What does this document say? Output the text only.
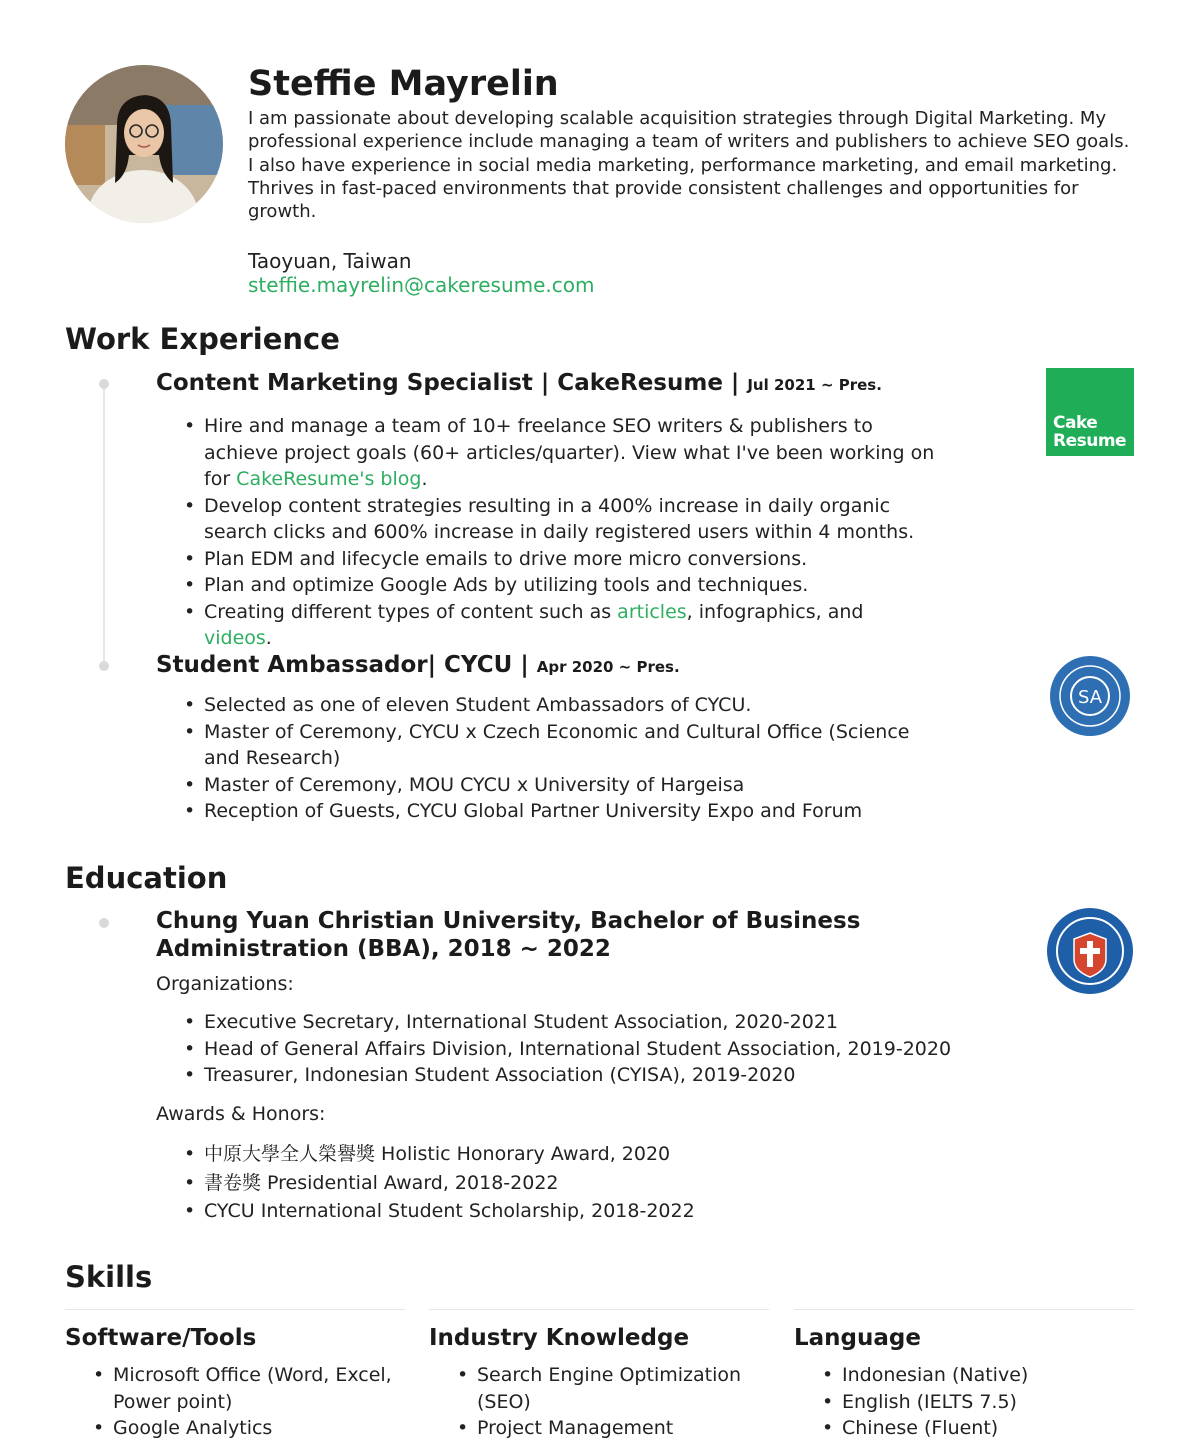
Steffie Mayrelin
I am passionate about developing scalable acquisition strategies through Digital Marketing. My professional experience include managing a team of writers and publishers to achieve SEO goals. I also have experience in social media marketing, performance marketing, and email marketing. Thrives in fast-paced environments that provide consistent challenges and opportunities for growth.
Taoyuan, Taiwan
steffie.mayrelin@cakeresume.com
Work Experience
Content Marketing Specialist | CakeResume | Jul 2021 ~ Pres.
Cake
Resume
• Hire and manage a team of 10+ freelance SEO writers & publishers to achieve project goals (60+ articles/quarter). View what I've been working on for CakeResume's blog.
• Develop content strategies resulting in a 400% increase in daily organic search clicks and 600% increase in daily registered users within 4 months.
• Plan EDM and lifecycle emails to drive more micro conversions.
• Plan and optimize Google Ads by utilizing tools and techniques.
• Creating different types of content such as articles, infographics, and videos.
Student Ambassador| CYCU | Apr 2020 ~ Pres.
SA
• Selected as one of eleven Student Ambassadors of CYCU.
• Master of Ceremony, CYCU x Czech Economic and Cultural Office (Science and Research)
• Master of Ceremony, MOU CYCU x University of Hargeisa
• Reception of Guests, CYCU Global Partner University Expo and Forum
Education
Chung Yuan Christian University, Bachelor of Business Administration (BBA), 2018 ~ 2022
Organizations:
• Executive Secretary, International Student Association, 2020-2021
• Head of General Affairs Division, International Student Association, 2019-2020
• Treasurer, Indonesian Student Association (CYISA), 2019-2020
Awards & Honors:
• 中原大學全人榮譽獎 Holistic Honorary Award, 2020
• 書卷獎 Presidential Award, 2018-2022
• CYCU International Student Scholarship, 2018-2022
Skills
Software/Tools
• Microsoft Office (Word, Excel, Power point)
• Google Analytics
Industry Knowledge
• Search Engine Optimization (SEO)
• Project Management
Language
• Indonesian (Native)
• English (IELTS 7.5)
• Chinese (Fluent)
